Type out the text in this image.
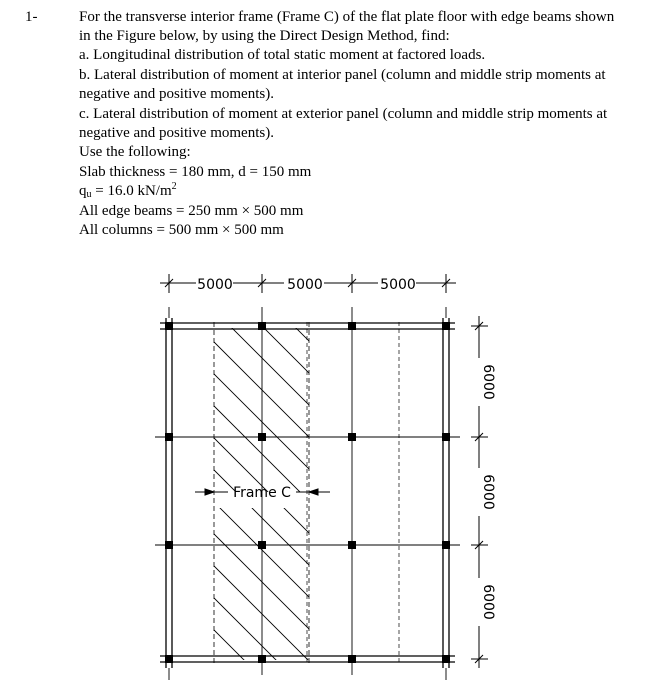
1-	For the transverse interior frame (Frame C) of the flat plate floor with edge beams shown
in the Figure below, by using the Direct Design Method, find:
a. Longitudinal distribution of total static moment at factored loads.
b. Lateral distribution of moment at interior panel (column and middle strip moments at
negative and positive moments).
c. Lateral distribution of moment at exterior panel (column and middle strip moments at
negative and positive moments).
Use the following:
Slab thickness = 180 mm, d = 150 mm
$q_u = 16.0$ $kN/m^2$
All edge beams = 250 mm × 500 mm
All columns = 500 mm × 500 mm
5000	5000	5000
6000
6000
6000
Frame C
